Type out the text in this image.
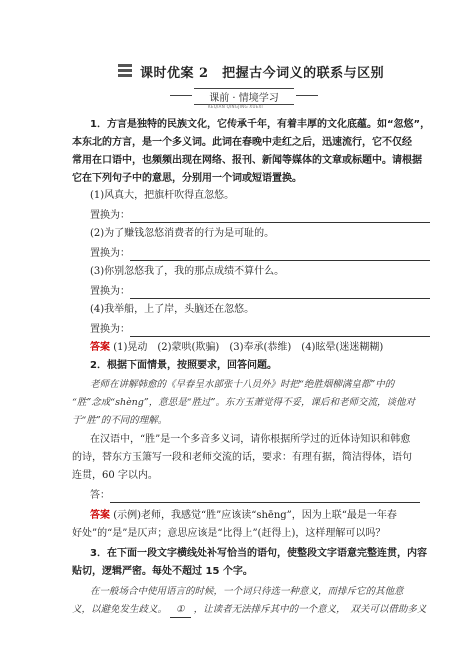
课时优案 2　把握古今词义的联系与区别
课前 · 情境学习
KEQIAN QINGJING XUEXI
1．方言是独特的民族文化，它传承千年，有着丰厚的文化底蕴。如“忽悠”，
本东北的方言，是一个多义词。此词在春晚中走红之后，迅速流行，它不仅经
常用在口语中，也频频出现在网络、报刊、新闻等媒体的文章或标题中。请根据
它在下列句子中的意思，分别用一个词或短语置换。
(1)风真大，把旗杆吹得直忽悠。
置换为：
(2)为了赚钱忽悠消费者的行为是可耻的。
置换为：
(3)你别忽悠我了，我的那点成绩不算什么。
置换为：
(4)我举船，上了岸，头脑还在忽悠。
置换为：
答案 (1)晃动　(2)蒙哄(欺骗)　(3)奉承(恭维)　(4)眩晕(迷迷糊糊)
2．根据下面情景，按照要求，回答问题。
老师在讲解韩愈的《早春呈水部张十八员外》时把“绝胜烟柳满皇都”中的
“胜”念成“shèng”，意思是“胜过”。东方玉萧觉得不妥，课后和老师交流，谈他对
于“胜”的不同的理解。
在汉语中，“胜”是一个多音多义词，请你根据所学过的近体诗知识和韩愈
的诗，替东方玉箫写一段和老师交流的话，要求：有理有据，简洁得体，语句
连贯，60 字以内。
答：
答案 (示例)老师，我感觉“胜”应该读“shēng”，因为上联“最是一年春
好处”的“是”是仄声；意思应该是“比得上”(赶得上)，这样理解可以吗？
3．在下面一段文字横线处补写恰当的语句，使整段文字语意完整连贯，内容
贴切，逻辑严密。每处不超过 15 个字。
在一般场合中使用语言的时候，一个词只待选一种意义，而排斥它的其他意
义，以避免发生歧义。 ① ，让读者无法排斥其中的一个意义，　双关可以借助多义
